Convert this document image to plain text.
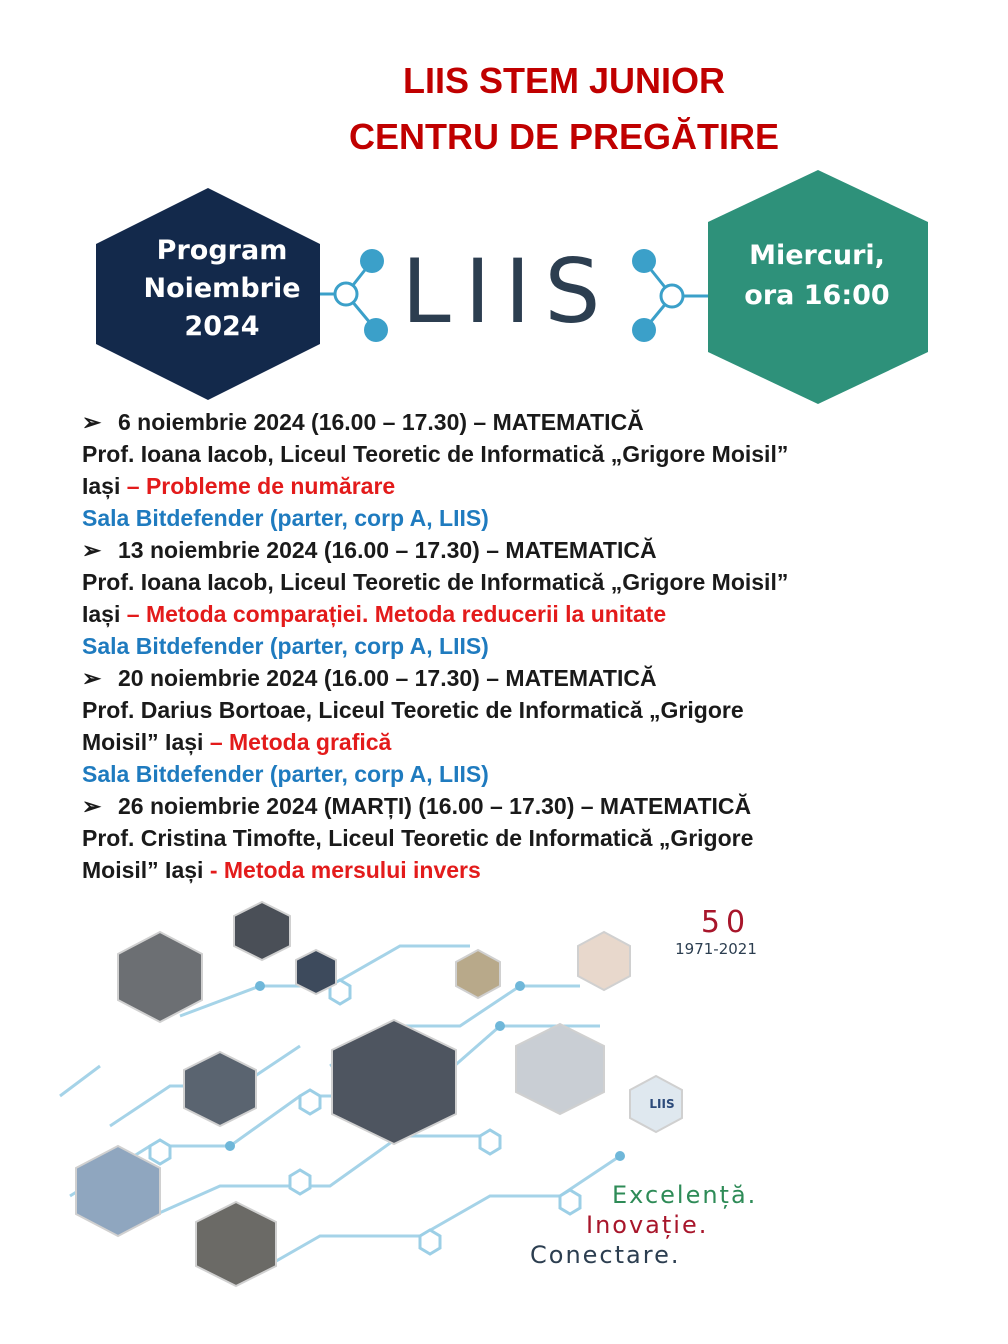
LIIS STEM JUNIOR
CENTRU DE PREGĂTIRE
LIIS
Program
Noiembrie
2024
Miercuri,
ora 16:00
➢ 6 noiembrie 2024 (16.00 – 17.30) – MATEMATICĂ
Prof. Ioana Iacob, Liceul Teoretic de Informatică „Grigore Moisil”
Iași – Probleme de numărare
Sala Bitdefender (parter, corp A, LIIS)
➢ 13 noiembrie 2024 (16.00 – 17.30) – MATEMATICĂ
Prof. Ioana Iacob, Liceul Teoretic de Informatică „Grigore Moisil”
Iași – Metoda comparației. Metoda reducerii la unitate
Sala Bitdefender (parter, corp A, LIIS)
➢ 20 noiembrie 2024 (16.00 – 17.30) – MATEMATICĂ
Prof. Darius Bortoae, Liceul Teoretic de Informatică „Grigore
Moisil” Iași – Metoda grafică
Sala Bitdefender (parter, corp A, LIIS)
➢ 26 noiembrie 2024 (MARȚI) (16.00 – 17.30) – MATEMATICĂ
Prof. Cristina Timofte, Liceul Teoretic de Informatică „Grigore
Moisil” Iași - Metoda mersului invers
LIIS
50
1971-2021
Excelență.
Inovație.
Conectare.
